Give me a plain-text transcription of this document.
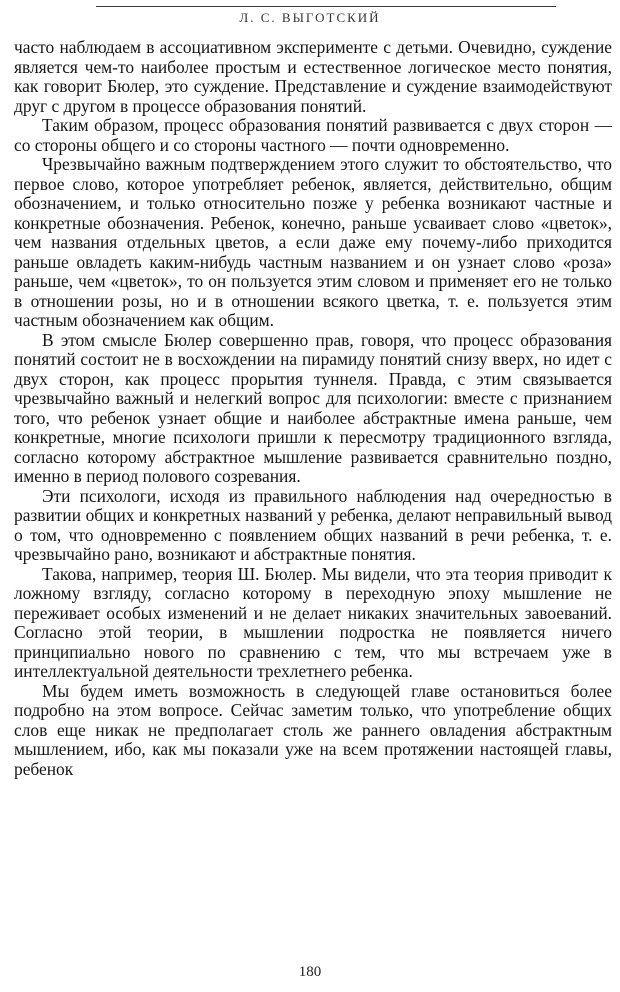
Л. С. ВЫГОТСКИЙ

часто наблюдаем в ассоциативном эксперименте с детьми. Очевидно, суждение является чем-то наиболее простым и естественное логическое место понятия, как говорит Бюлер, это суждение. Представление и суждение взаимодействуют друг с другом в процессе образования понятий.

Таким образом, процесс образования понятий развивается с двух сторон — со стороны общего и со стороны частного — почти одновременно.

Чрезвычайно важным подтверждением этого служит то обстоятельство, что первое слово, которое употребляет ребенок, является, действительно, общим обозначением, и только относительно позже у ребенка возникают частные и конкретные обозначения. Ребенок, конечно, раньше усваивает слово «цветок», чем названия отдельных цветов, а если даже ему почему-либо приходится раньше овладеть каким-нибудь частным названием и он узнает слово «роза» раньше, чем «цветок», то он пользуется этим словом и применяет его не только в отношении розы, но и в отношении всякого цветка, т. е. пользуется этим частным обозначением как общим.

В этом смысле Бюлер совершенно прав, говоря, что процесс образования понятий состоит не в восхождении на пирамиду понятий снизу вверх, но идет с двух сторон, как процесс прорытия туннеля. Правда, с этим связывается чрезвычайно важный и нелегкий вопрос для психологии: вместе с признанием того, что ребенок узнает общие и наиболее абстрактные имена раньше, чем конкретные, многие психологи пришли к пересмотру традиционного взгляда, согласно которому абстрактное мышление развивается сравнительно поздно, именно в период полового созревания.

Эти психологи, исходя из правильного наблюдения над очередностью в развитии общих и конкретных названий у ребенка, делают неправильный вывод о том, что одновременно с появлением общих названий в речи ребенка, т. е. чрезвычайно рано, возникают и абстрактные понятия.

Такова, например, теория Ш. Бюлер. Мы видели, что эта теория приводит к ложному взгляду, согласно которому в переходную эпоху мышление не переживает особых изменений и не делает никаких значительных завоеваний. Согласно этой теории, в мышлении подростка не появляется ничего принципиально нового по сравнению с тем, что мы встречаем уже в интеллектуальной деятельности трехлетнего ребенка.

Мы будем иметь возможность в следующей главе остановиться более подробно на этом вопросе. Сейчас заметим только, что употребление общих слов еще никак не предполагает столь же раннего овладения абстрактным мышлением, ибо, как мы показали уже на всем протяжении настоящей главы, ребенок

180
